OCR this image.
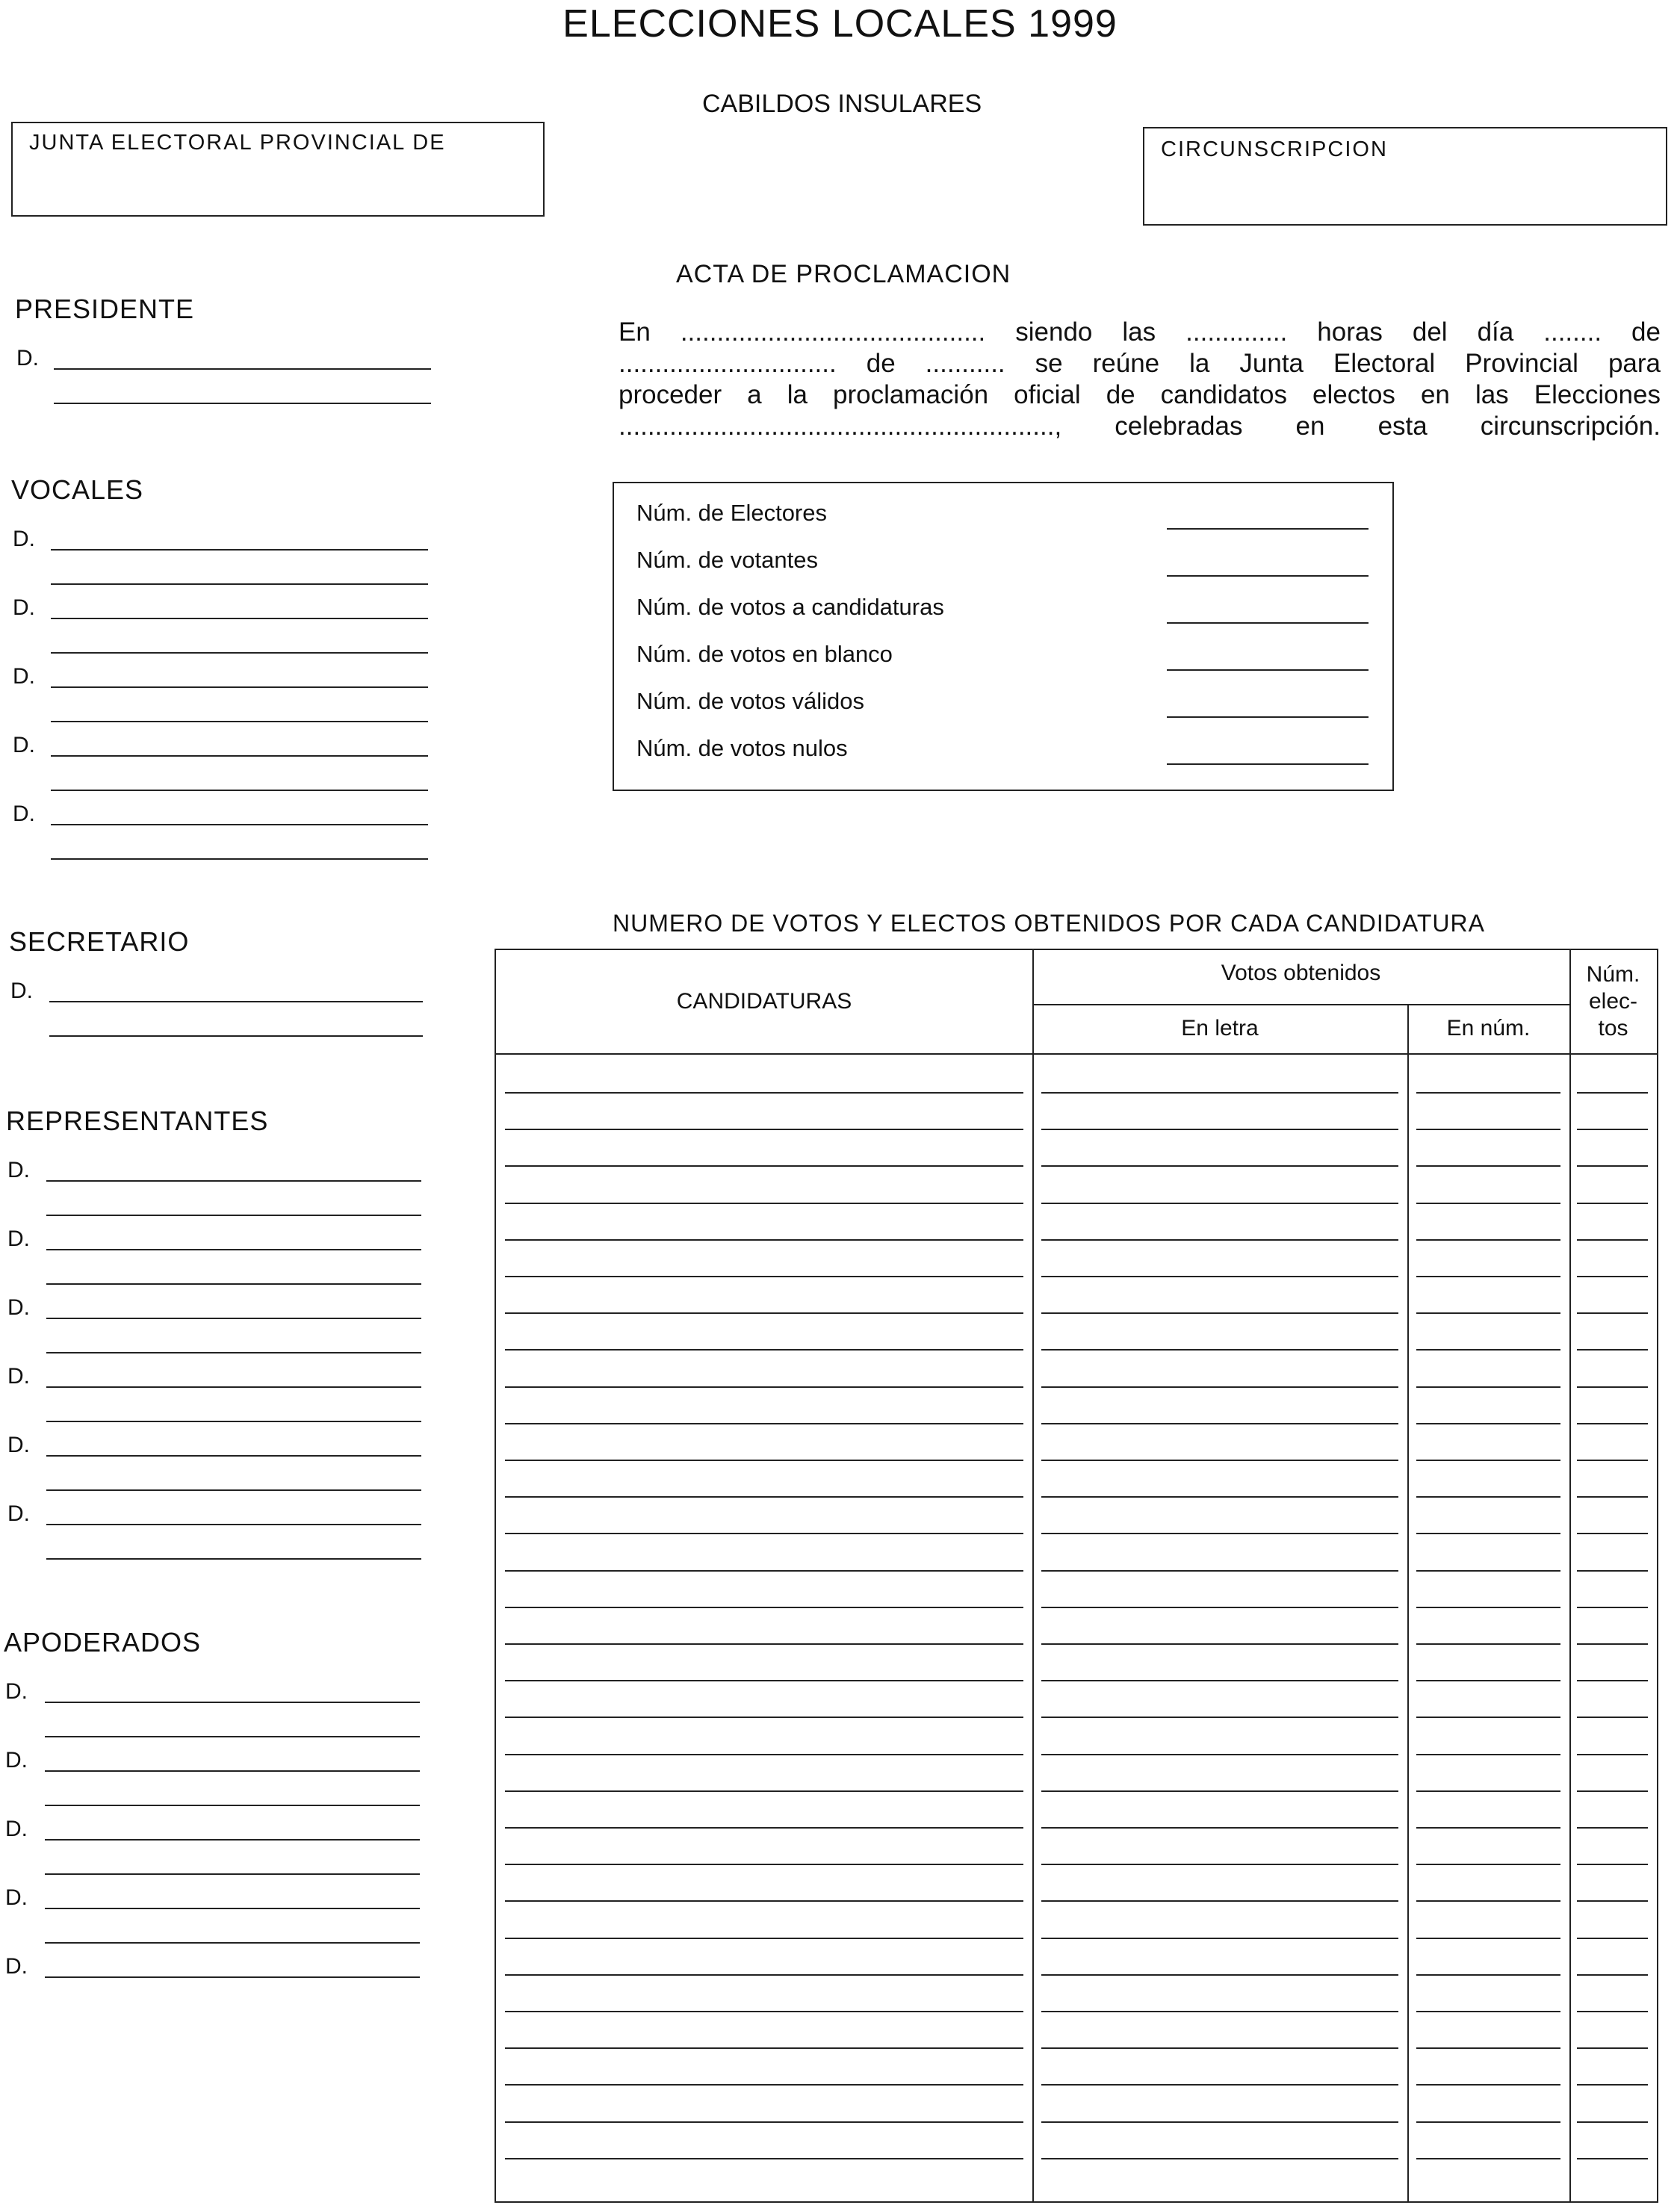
ELECCIONES LOCALES 1999
CABILDOS INSULARES
JUNTA ELECTORAL PROVINCIAL DE	CIRCUNSCRIPCION
ACTA DE PROCLAMACION
En .......................................... siendo las .............. horas del día ........ de
.............................. de ........... se reúne la Junta Electoral Provincial para
proceder a la proclamación oficial de candidatos electos en las Elecciones
............................................................, celebradas en esta circunscripción.
Núm. de Electores
Núm. de votantes
Núm. de votos a candidaturas
Núm. de votos en blanco
Núm. de votos válidos
Núm. de votos nulos
NUMERO DE VOTOS Y ELECTOS OBTENIDOS POR CADA CANDIDATURA
CANDIDATURAS
Votos obtenidos
En letra	En núm.
Núm.
elec-
tos
PRESIDENTE
D.
VOCALES
D.
D.
D.
D.
D.
SECRETARIO
D.
REPRESENTANTES
D.
D.
D.
D.
D.
D.
APODERADOS
D.
D.
D.
D.
D.
